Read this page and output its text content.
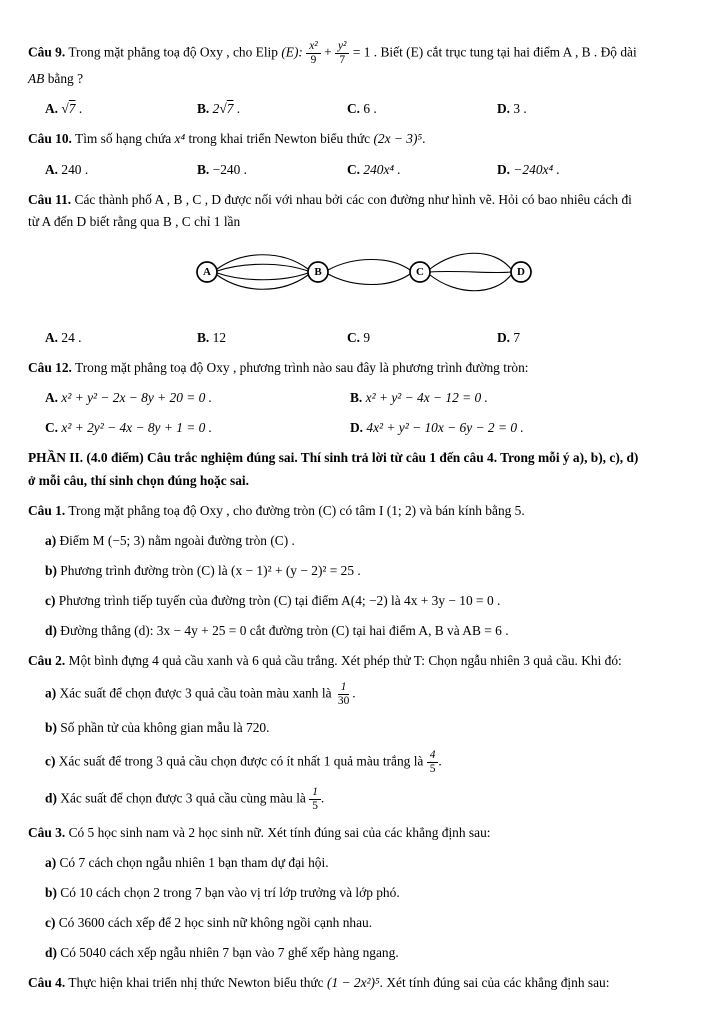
Câu 9. Trong mặt phẳng toạ độ Oxy , cho Elip (E): $\frac{\text{x²}}{9} + \frac{\text{y²}}{7} = 1$ . Biết (E) cắt trục tung tại hai điểm A , B . Độ dài

AB bằng ?

A. √7 .	B. 2√7 .	C. 6 .	D. 3 .

Câu 10. Tìm số hạng chứa x⁴ trong khai triển Newton biểu thức (2x − 3)⁵.

A. 240 .	B. −240 .	C. 240x⁴ .	D. −240x⁴ .

Câu 11. Các thành phố A , B , C , D được nối với nhau bởi các con đường như hình vẽ. Hỏi có bao nhiêu cách đi

từ A đến D biết rằng qua B , C chỉ 1 lần

A	B	C	D
A. 24 .	B. 12	C. 9	D. 7

Câu 12. Trong mặt phẳng toạ độ Oxy , phương trình nào sau đây là phương trình đường tròn:

A. x² + y² − 2x − 8y + 20 = 0 .	B. x² + y² − 4x − 12 = 0 .
C. x² + 2y² − 4x − 8y + 1 = 0 .	D. 4x² + y² − 10x − 6y − 2 = 0 .

PHẦN II. (4.0 điểm) Câu trắc nghiệm đúng sai. Thí sinh trả lời từ câu 1 đến câu 4. Trong mỗi ý a), b), c), d)

ở mỗi câu, thí sinh chọn đúng hoặc sai.

Câu 1. Trong mặt phẳng toạ độ Oxy , cho đường tròn (C) có tâm I (1; 2) và bán kính bằng 5.

a) Điểm M (−5; 3) nằm ngoài đường tròn (C) .

b) Phương trình đường tròn (C) là (x − 1)² + (y − 2)² = 25 .

c) Phương trình tiếp tuyến của đường tròn (C) tại điểm A(4; −2) là 4x + 3y − 10 = 0 .

d) Đường thẳng (d): 3x − 4y + 25 = 0 cắt đường tròn (C) tại hai điểm A, B và AB = 6 .

Câu 2. Một bình đựng 4 quả cầu xanh và 6 quả cầu trắng. Xét phép thử T: Chọn ngẫu nhiên 3 quả cầu. Khi đó:

a) Xác suất để chọn được 3 quả cầu toàn màu xanh là $\frac{1}{30}$ .

b) Số phần tử của không gian mẫu là 720.

c) Xác suất để trong 3 quả cầu chọn được có ít nhất 1 quả màu trắng là $\frac{4}{5}$ .

d) Xác suất để chọn được 3 quả cầu cùng màu là $\frac{1}{5}$ .

Câu 3. Có 5 học sinh nam và 2 học sinh nữ. Xét tính đúng sai của các khẳng định sau:

a) Có 7 cách chọn ngẫu nhiên 1 bạn tham dự đại hội.

b) Có 10 cách chọn 2 trong 7 bạn vào vị trí lớp trưởng và lớp phó.

c) Có 3600 cách xếp để 2 học sinh nữ không ngồi cạnh nhau.

d) Có 5040 cách xếp ngẫu nhiên 7 bạn vào 7 ghế xếp hàng ngang.

Câu 4. Thực hiện khai triển nhị thức Newton biểu thức (1 − 2x²)⁵. Xét tính đúng sai của các khẳng định sau:
